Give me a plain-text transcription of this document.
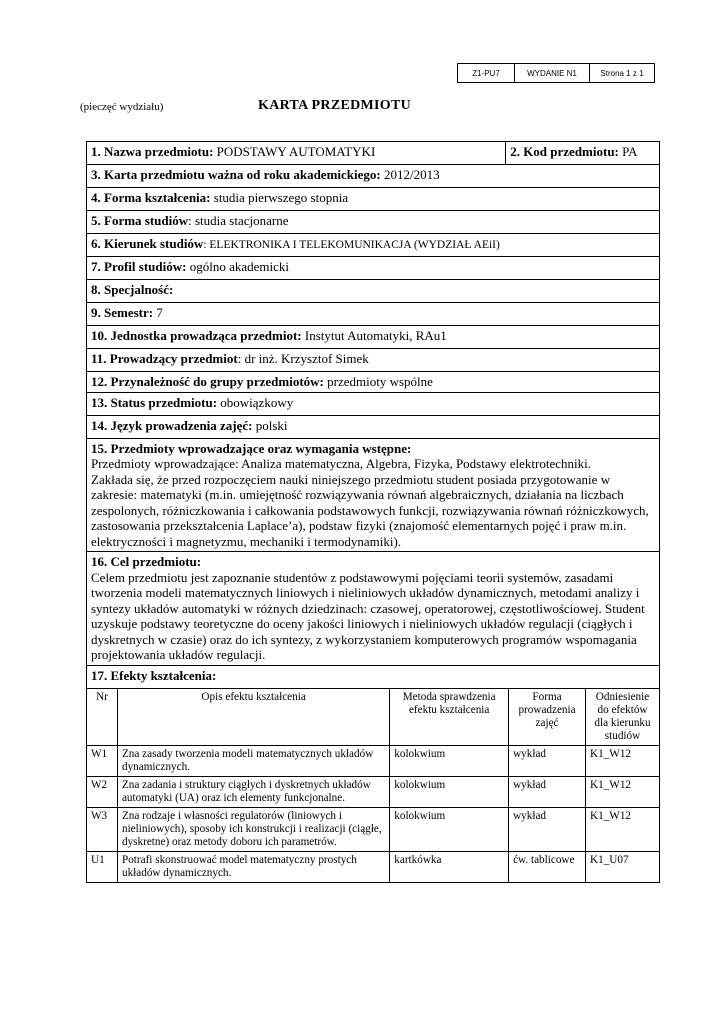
Z1-PU7	WYDANIE N1	Strona 1 z 1
(pieczęć wydziału)	KARTA PRZEDMIOTU
1. Nazwa przedmiotu: PODSTAWY AUTOMATYKI	2. Kod przedmiotu: PA
3. Karta przedmiotu ważna od roku akademickiego: 2012/2013
4. Forma kształcenia: studia pierwszego stopnia
5. Forma studiów: studia stacjonarne
6. Kierunek studiów: ELEKTRONIKA I TELEKOMUNIKACJA (WYDZIAŁ AEiI)
7. Profil studiów: ogólno akademicki
8. Specjalność:
9. Semestr: 7
10. Jednostka prowadząca przedmiot: Instytut Automatyki, RAu1
11. Prowadzący przedmiot: dr inż. Krzysztof Simek
12. Przynależność do grupy przedmiotów: przedmioty wspólne
13. Status przedmiotu: obowiązkowy
14. Język prowadzenia zajęć: polski
15. Przedmioty wprowadzające oraz wymagania wstępne:
Przedmioty wprowadzające: Analiza matematyczna, Algebra, Fizyka, Podstawy elektrotechniki.
Zakłada się, że przed rozpoczęciem nauki niniejszego przedmiotu student posiada przygotowanie w zakresie: matematyki (m.in. umiejętność rozwiązywania równań algebraicznych, działania na liczbach zespolonych, różniczkowania i całkowania podstawowych funkcji, rozwiązywania równań różniczkowych, zastosowania przekształcenia Laplace’a), podstaw fizyki (znajomość elementarnych pojęć i praw m.in. elektryczności i magnetyzmu, mechaniki i termodynamiki).
16. Cel przedmiotu:
Celem przedmiotu jest zapoznanie studentów z podstawowymi pojęciami teorii systemów, zasadami tworzenia modeli matematycznych liniowych i nieliniowych układów dynamicznych, metodami analizy i syntezy układów automatyki w różnych dziedzinach: czasowej, operatorowej, częstotliwościowej. Student uzyskuje podstawy teoretyczne do oceny jakości liniowych i nieliniowych układów regulacji (ciągłych i dyskretnych w czasie) oraz do ich syntezy, z wykorzystaniem komputerowych programów wspomagania projektowania układów regulacji.
17. Efekty kształcenia:
Nr	Opis efektu kształcenia	Metoda sprawdzenia efektu kształcenia	Forma prowadzenia zajęć	Odniesienie do efektów dla kierunku studiów
W1	Zna zasady tworzenia modeli matematycznych układów dynamicznych.	kolokwium	wykład	K1_W12
W2	Zna zadania i struktury ciągłych i dyskretnych układów automatyki (UA) oraz ich elementy funkcjonalne.	kolokwium	wykład	K1_W12
W3	Zna rodzaje i własności regulatorów (liniowych i nieliniowych), sposoby ich konstrukcji i realizacji (ciągłe, dyskretne) oraz metody doboru ich parametrów.	kolokwium	wykład	K1_W12
U1	Potrafi skonstruować model matematyczny prostych układów dynamicznych.	kartkówka	ćw. tablicowe	K1_U07
